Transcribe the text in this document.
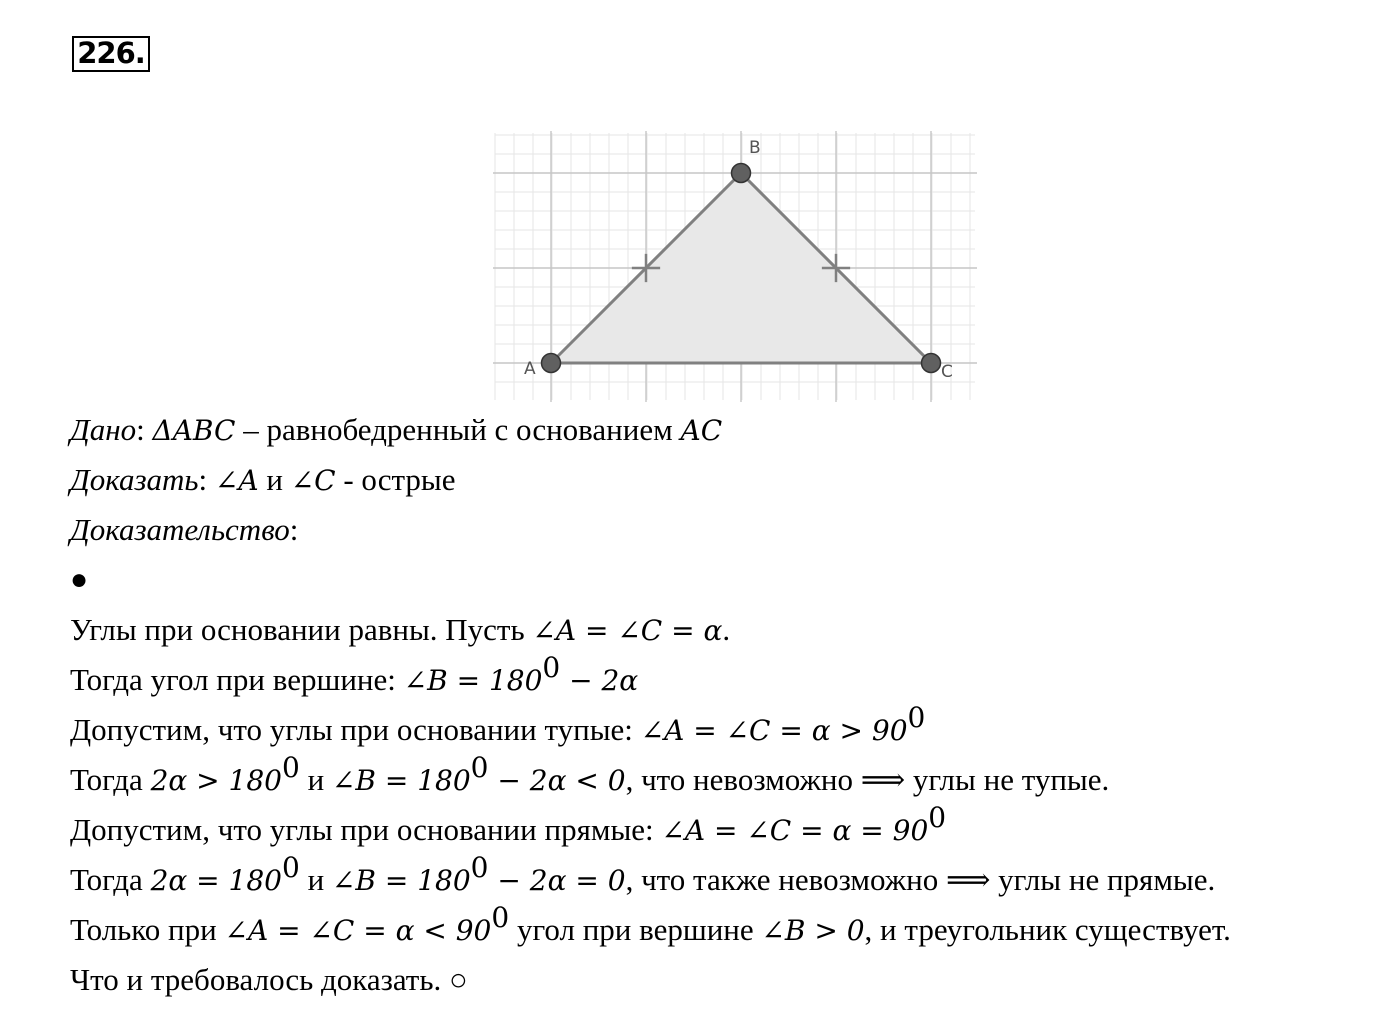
226.
A
B
C
Дано: ΔABC – равнобедренный с основанием AC
Доказать: ∠A и ∠C - острые
Доказательство:
●
Углы при основании равны. Пусть ∠A = ∠C = α.
Тогда угол при вершине: ∠B = $180^0 - 2\alpha$
Допустим, что углы при основании тупые: ∠A = ∠C = $\alpha > 90^0$
Тогда $2\alpha > 180^0$ и ∠B = $180^0 - 2\alpha < 0$, что невозможно ⟹ углы не тупые.
Допустим, что углы при основании прямые: ∠A = ∠C = $\alpha = 90^0$
Тогда $2\alpha = 180^0$ и ∠B = $180^0 - 2\alpha = 0$, что также невозможно ⟹ углы не прямые.
Только при ∠A = ∠C = $\alpha < 90^0$ угол при вершине ∠B > 0, и треугольник существует.
Что и требовалось доказать. ○
